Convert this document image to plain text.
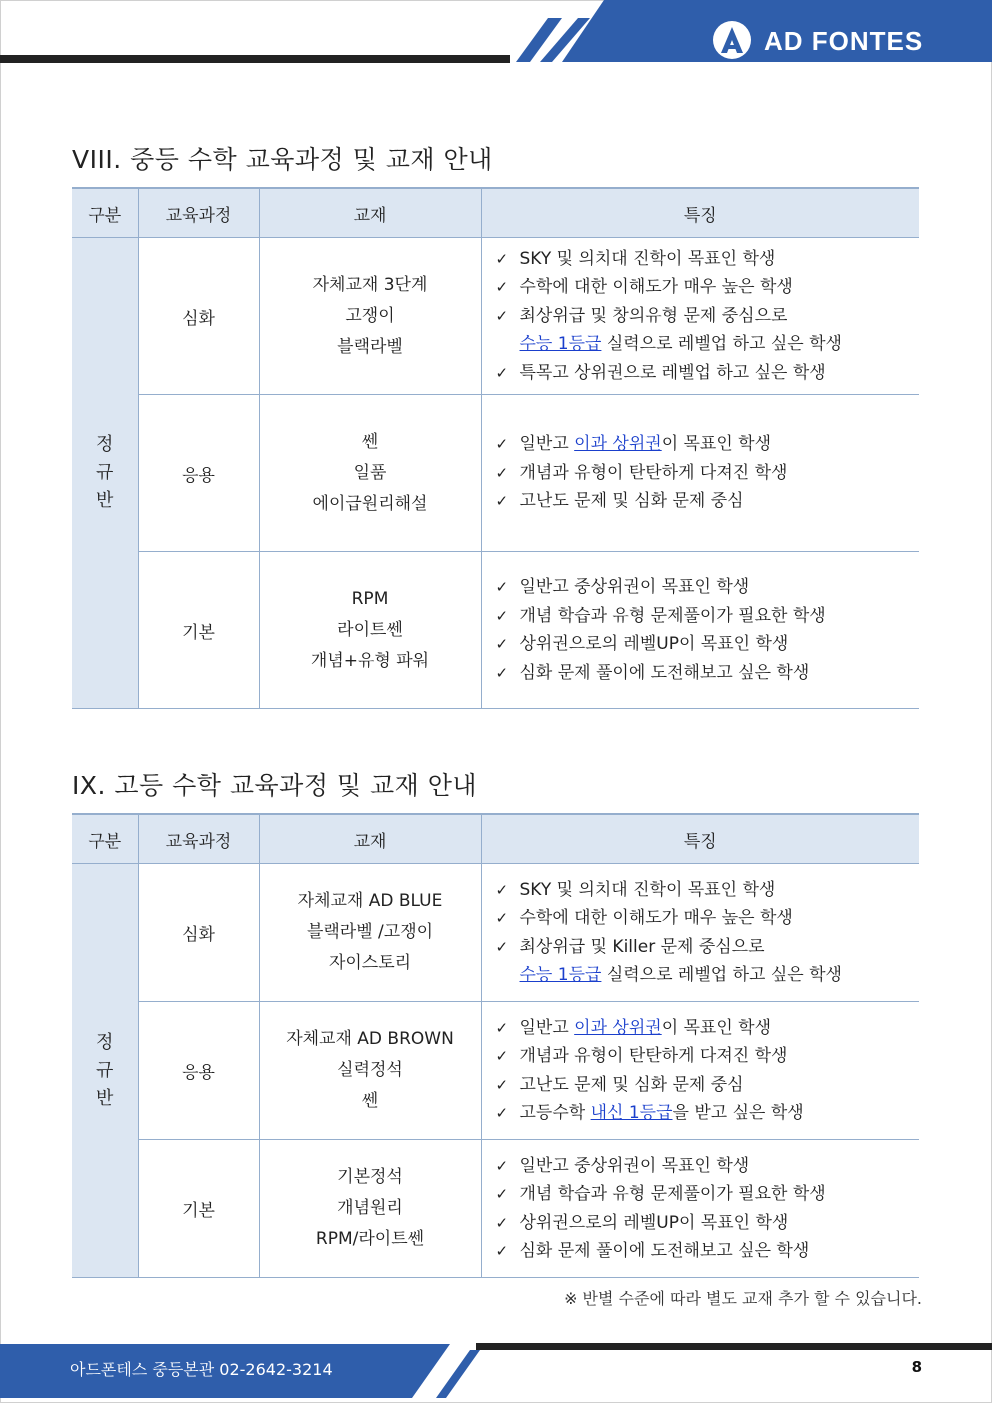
AD FONTES
VIII. 중등 수학 교육과정 및 교재 안내
IX. 고등 수학 교육과정 및 교재 안내
구분	교육과정	교재	특징

정
규
반	심화	자체교재 3단계
고쟁이
블랙라벨	✓ SKY 및 의치대 진학이 목표인 학생
✓ 수학에 대한 이해도가 매우 높은 학생
✓ 최상위급 및 창의유형 문제 중심으로
수능 1등급 실력으로 레벨업 하고 싶은 학생
✓ 특목고 상위권으로 레벨업 하고 싶은 학생

	응용	쎈
일품
에이급원리해설	✓ 일반고 이과 상위권이 목표인 학생
✓ 개념과 유형이 탄탄하게 다져진 학생
✓ 고난도 문제 및 심화 문제 중심

	기본	RPM
라이트쎈
개념+유형 파워	✓ 일반고 중상위권이 목표인 학생
✓ 개념 학습과 유형 문제풀이가 필요한 학생
✓ 상위권으로의 레벨UP이 목표인 학생
✓ 심화 문제 풀이에 도전해보고 싶은 학생
구분	교육과정	교재	특징

정
규
반	심화	자체교재 AD BLUE
블랙라벨 /고쟁이
자이스토리	✓ SKY 및 의치대 진학이 목표인 학생
✓ 수학에 대한 이해도가 매우 높은 학생
✓ 최상위급 및 Killer 문제 중심으로
수능 1등급 실력으로 레벨업 하고 싶은 학생

	응용	자체교재 AD BROWN
실력정석
쎈	✓ 일반고 이과 상위권이 목표인 학생
✓ 개념과 유형이 탄탄하게 다져진 학생
✓ 고난도 문제 및 심화 문제 중심
✓ 고등수학 내신 1등급을 받고 싶은 학생

	기본	기본정석
개념원리
RPM/라이트쎈	✓ 일반고 중상위권이 목표인 학생
✓ 개념 학습과 유형 문제풀이가 필요한 학생
✓ 상위권으로의 레벨UP이 목표인 학생
✓ 심화 문제 풀이에 도전해보고 싶은 학생
※ 반별 수준에 따라 별도 교재 추가 할 수 있습니다.
아드폰테스 중등본관 02-2642-3214	8
